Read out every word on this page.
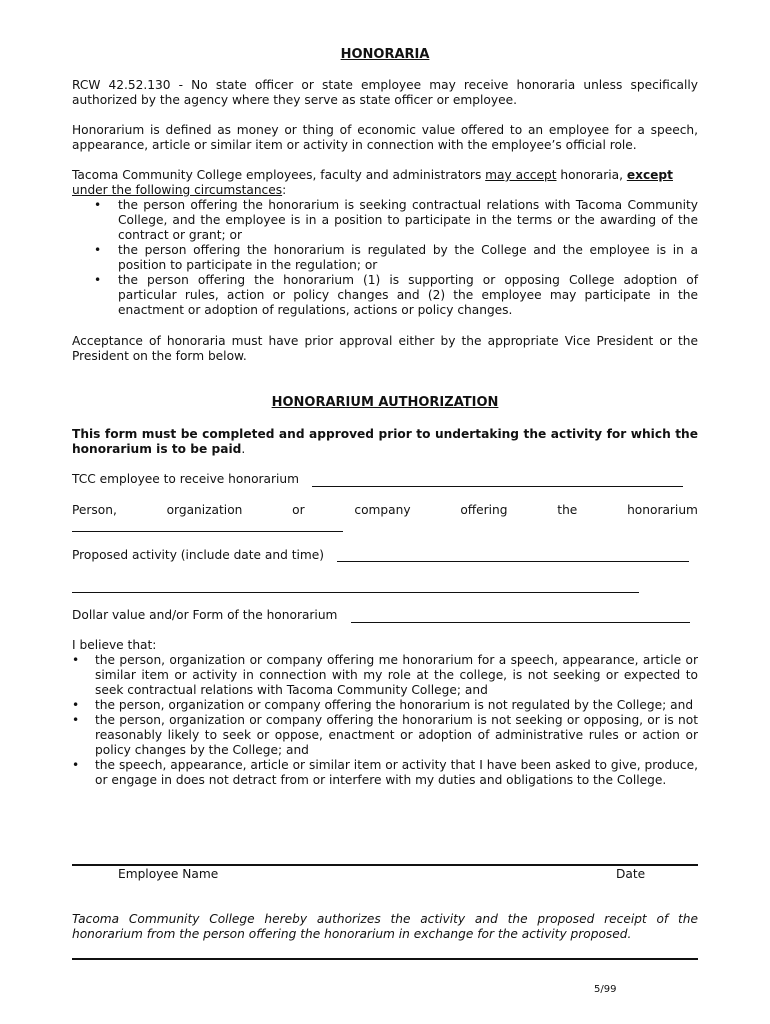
HONORARIA
RCW 42.52.130 - No state officer or state employee may receive honoraria unless specifically authorized by the agency where they serve as state officer or employee.
Honorarium is defined as money or thing of economic value offered to an employee for a speech, appearance, article or similar item or activity in connection with the employee’s official role.
Tacoma Community College employees, faculty and administrators may accept honoraria, except
under the following circumstances:
• the person offering the honorarium is seeking contractual relations with Tacoma Community College, and the employee is in a position to participate in the terms or the awarding of the contract or grant; or
• the person offering the honorarium is regulated by the College and the employee is in a position to participate in the regulation; or
• the person offering the honorarium (1) is supporting or opposing College adoption of particular rules, action or policy changes and (2) the employee may participate in the enactment or adoption of regulations, actions or policy changes.
Acceptance of honoraria must have prior approval either by the appropriate Vice President or the President on the form below.
HONORARIUM AUTHORIZATION
This form must be completed and approved prior to undertaking the activity for which the honorarium is to be paid.
TCC employee to receive honorarium
Person,	organization	or	company	offering	the	honorarium
Proposed activity (include date and time)
Dollar value and/or Form of the honorarium
I believe that:
• the person, organization or company offering me honorarium for a speech, appearance, article or similar item or activity in connection with my role at the college, is not seeking or expected to seek contractual relations with Tacoma Community College; and
• the person, organization or company offering the honorarium is not regulated by the College; and
• the person, organization or company offering the honorarium is not seeking or opposing, or is not reasonably likely to seek or oppose, enactment or adoption of administrative rules or action or policy changes by the College; and
• the speech, appearance, article or similar item or activity that I have been asked to give, produce, or engage in does not detract from or interfere with my duties and obligations to the College.
Employee Name	Date
Tacoma Community College hereby authorizes the activity and the proposed receipt of the honorarium from the person offering the honorarium in exchange for the activity proposed.
5/99
